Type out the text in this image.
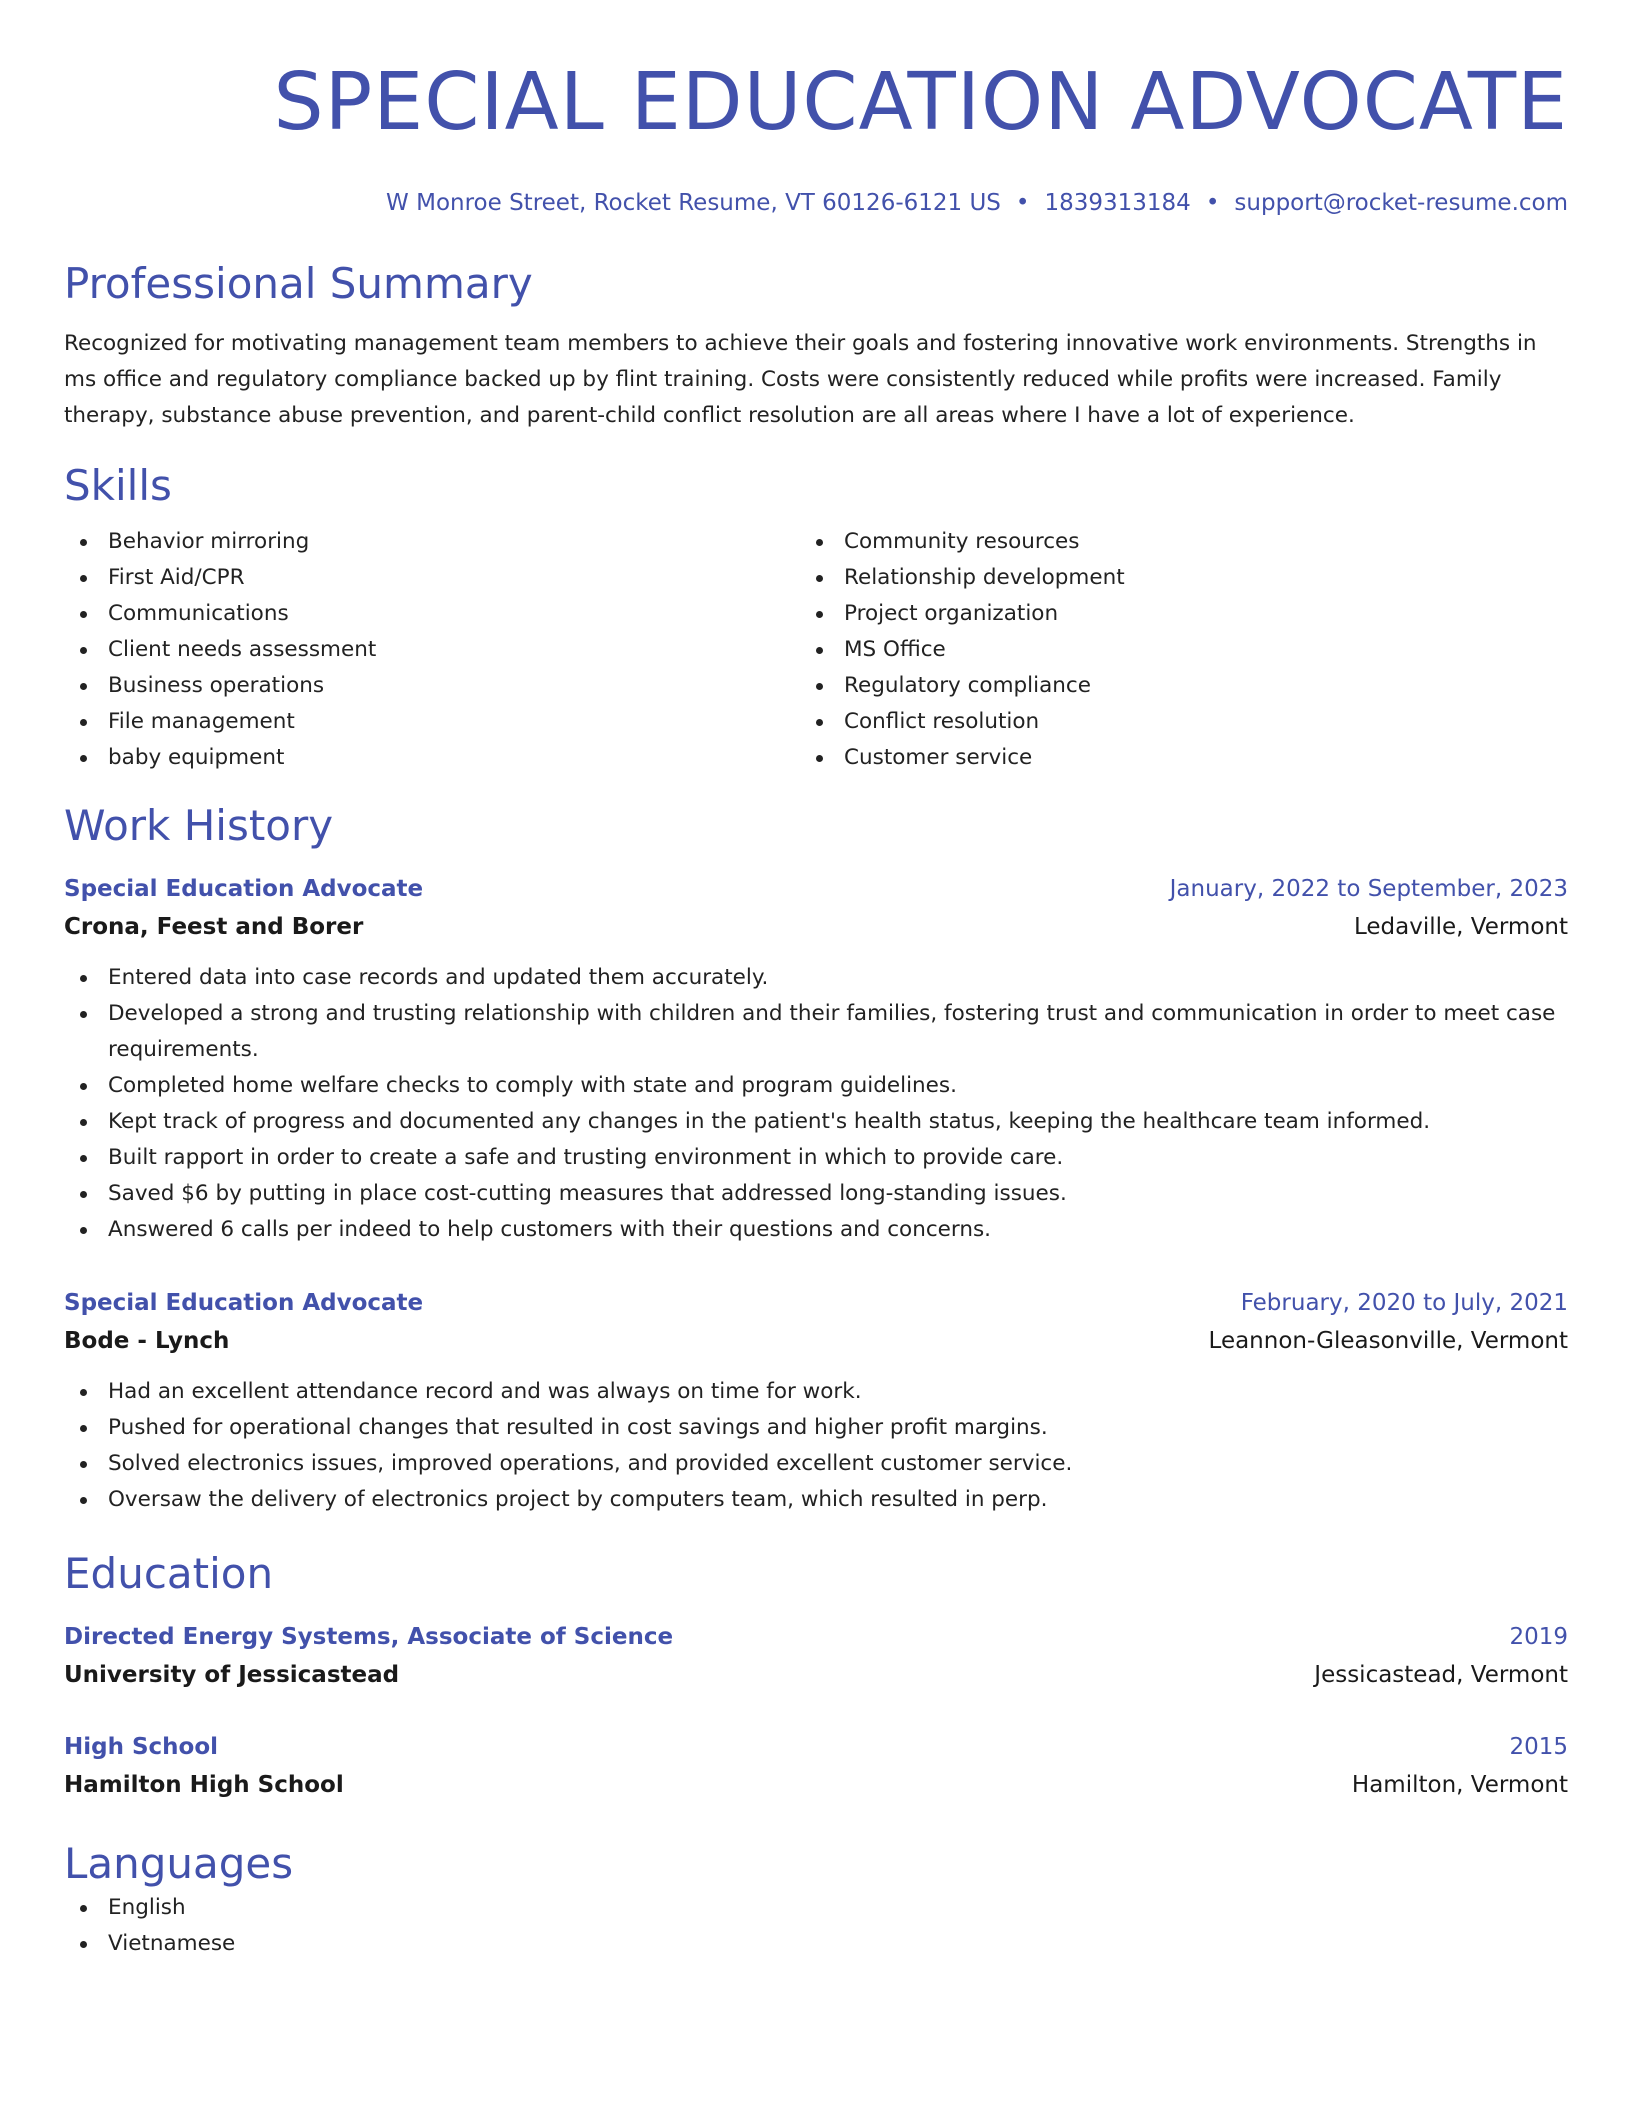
SPECIAL EDUCATION ADVOCATE
W Monroe Street, Rocket Resume, VT 60126-6121 US • 1839313184 • support@rocket-resume.com
Professional Summary

Recognized for motivating management team members to achieve their goals and fostering innovative work environments. Strengths in ms office and regulatory compliance backed up by flint training. Costs were consistently reduced while profits were increased. Family therapy, substance abuse prevention, and parent-child conflict resolution are all areas where I have a lot of experience.

Skills
Behavior mirroring
First Aid/CPR
Communications
Client needs assessment
Business operations
File management
baby equipment
Community resources
Relationship development
Project organization
MS Office
Regulatory compliance
Conflict resolution
Customer service
Work History
Special Education Advocate	January, 2022 to September, 2023
Crona, Feest and Borer	Ledaville, Vermont
Entered data into case records and updated them accurately.
Developed a strong and trusting relationship with children and their families, fostering trust and communication in order to meet case requirements.
Completed home welfare checks to comply with state and program guidelines.
Kept track of progress and documented any changes in the patient's health status, keeping the healthcare team informed.
Built rapport in order to create a safe and trusting environment in which to provide care.
Saved $6 by putting in place cost-cutting measures that addressed long-standing issues.
Answered 6 calls per indeed to help customers with their questions and concerns.
Special Education Advocate	February, 2020 to July, 2021
Bode - Lynch	Leannon-Gleasonville, Vermont
Had an excellent attendance record and was always on time for work.
Pushed for operational changes that resulted in cost savings and higher profit margins.
Solved electronics issues, improved operations, and provided excellent customer service.
Oversaw the delivery of electronics project by computers team, which resulted in perp.
Education
Directed Energy Systems, Associate of Science	2019
University of Jessicastead	Jessicastead, Vermont
High School	2015
Hamilton High School	Hamilton, Vermont
Languages
English
Vietnamese
